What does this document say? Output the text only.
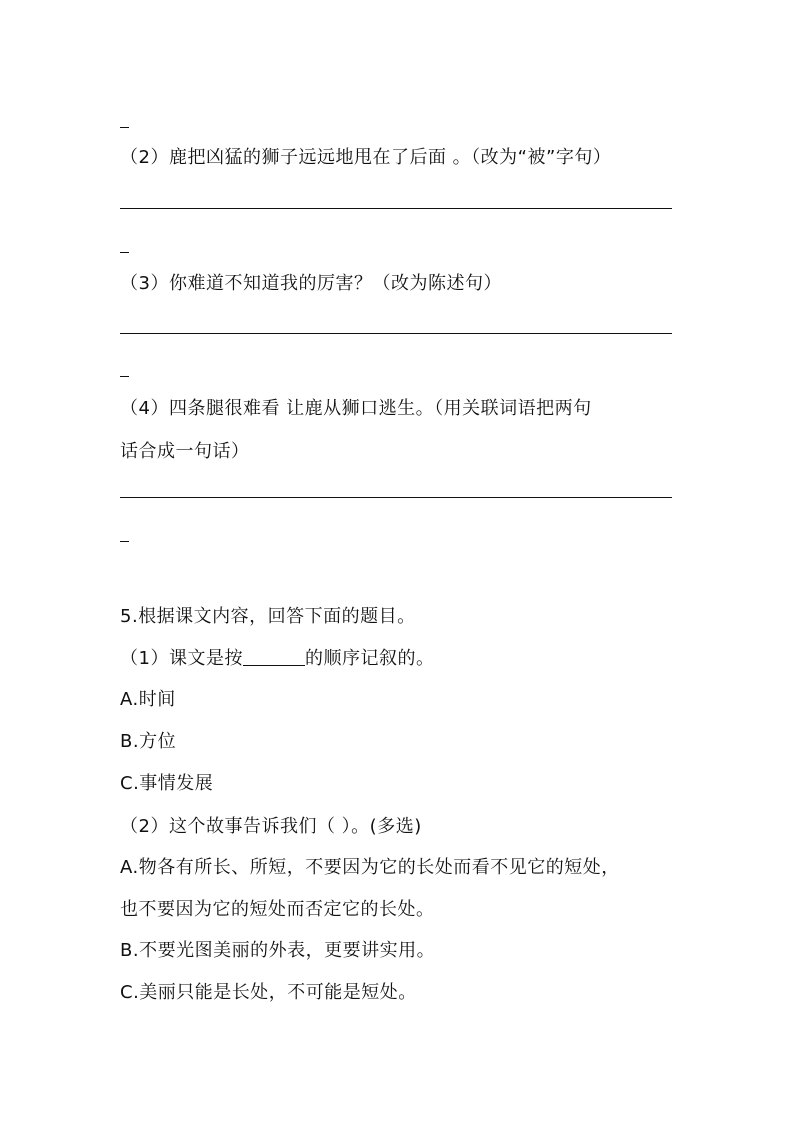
（2）鹿把凶猛的狮子远远地甩在了后面 。（改为“被”字句）
（3）你难道不知道我的厉害？（改为陈述句）
（4）四条腿很难看 让鹿从狮口逃生。（用关联词语把两句
话合成一句话）
5.根据课文内容，回答下面的题目。
（1）课文是按	的顺序记叙的。
A.时间
B.方位
C.事情发展
（2）这个故事告诉我们（ ）。(多选)
A.物各有所长、所短，不要因为它的长处而看不见它的短处，
也不要因为它的短处而否定它的长处。
B.不要光图美丽的外表，更要讲实用。
C.美丽只能是长处，不可能是短处。
